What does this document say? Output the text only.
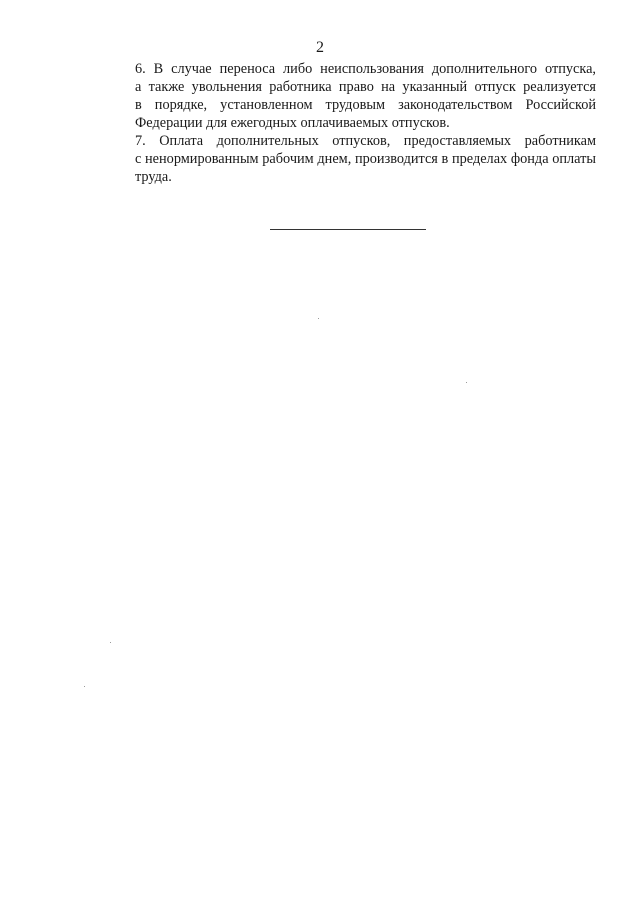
2

6. В случае переноса либо неиспользования дополнительного отпуска,
а также увольнения работника право на указанный отпуск реализуется
в порядке, установленном трудовым законодательством Российской
Федерации для ежегодных оплачиваемых отпусков.

7. Оплата дополнительных отпусков, предоставляемых работникам
с ненормированным рабочим днем, производится в пределах фонда оплаты
труда.
